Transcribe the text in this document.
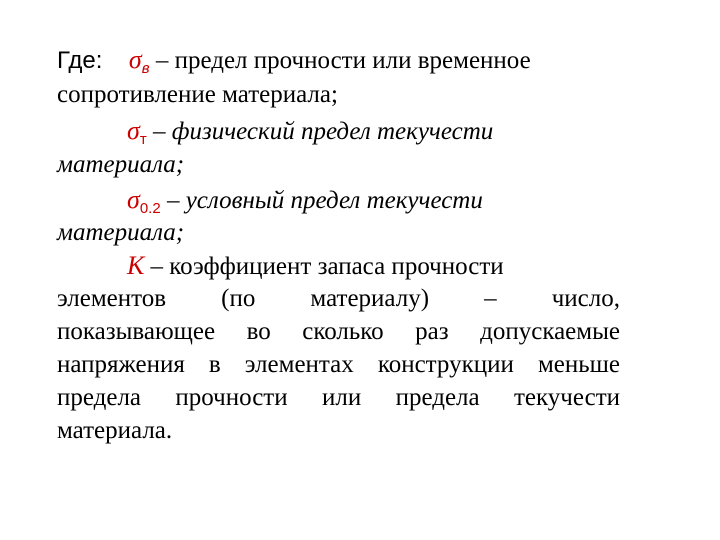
Где: $\sigma_в$ – предел прочности или временное
сопротивление материала;
$\sigma_т$ – физический предел текучести
материала;
$\sigma_{0.2}$ – условный предел текучести
материала;
К – коэффициент запаса прочности
элементов (по материалу) – число,
показывающее во сколько раз допускаемые
напряжения в элементах конструкции меньше
предела прочности или предела текучести
материала.
